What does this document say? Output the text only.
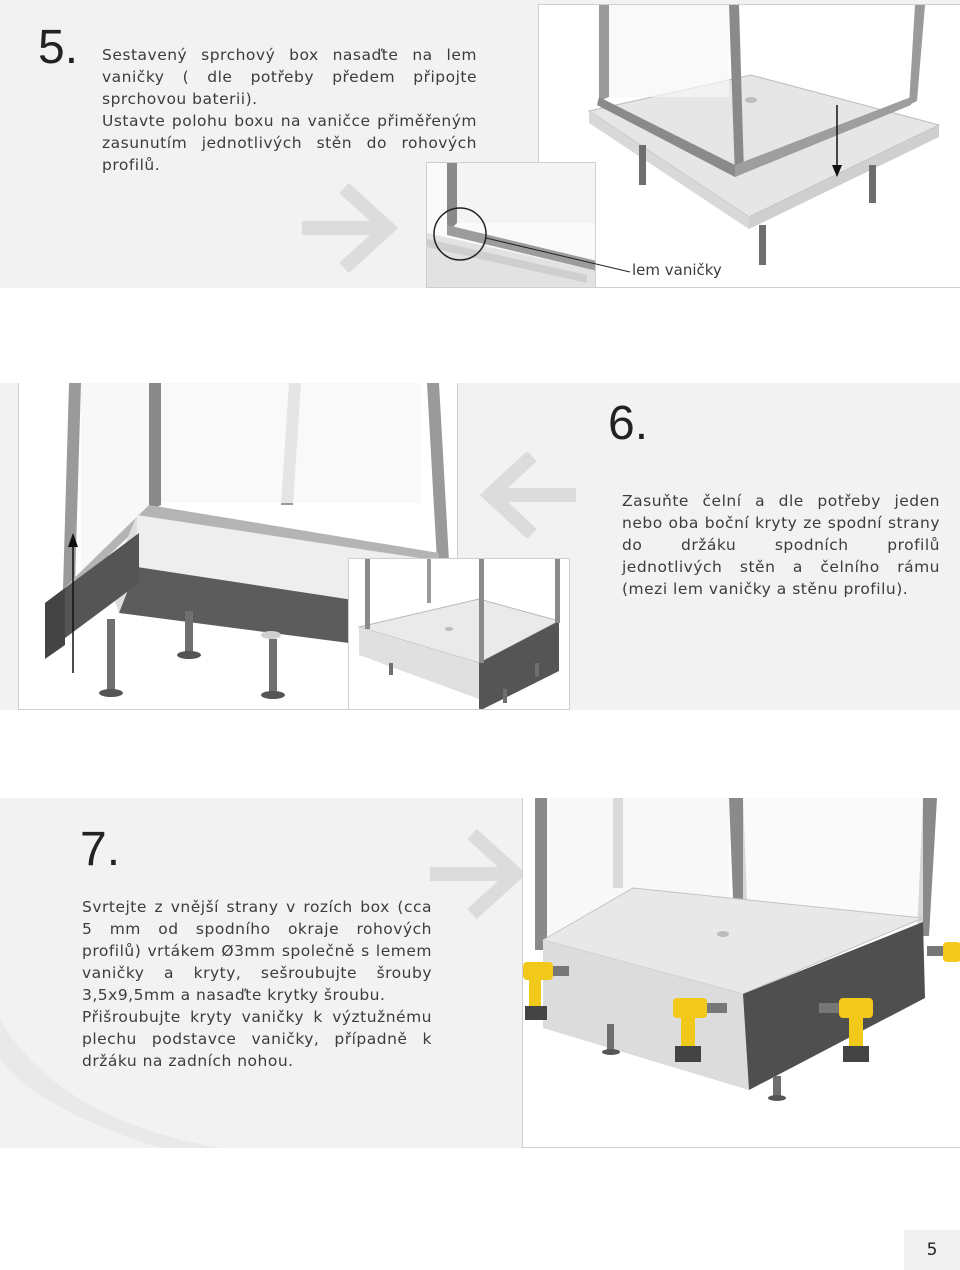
5. Sestavený sprchový box nasaďte na lem vaničky ( dle potřeby předem připojte sprchovou baterii).

Ustavte polohu boxu na vaničce přiměřeným zasunutím jednotlivých stěn do rohových profilů.

lem vaničky
6.

Zasuňte čelní a dle potřeby jeden nebo oba boční kryty ze spodní strany do držáku spodních profilů jednotlivých stěn a čelního rámu (mezi lem vaničky a stěnu profilu).

7.

Svrtejte z vnější strany v rozích box (cca 5 mm od spodního okraje rohových profilů) vrtákem Ø3mm společně s lemem vaničky a kryty, sešroubujte šrouby 3,5x9,5mm a nasaďte krytky šroubu.

Přišroubujte kryty vaničky k výztužnému plechu podstavce vaničky, případně k držáku na zadních nohou.

5
